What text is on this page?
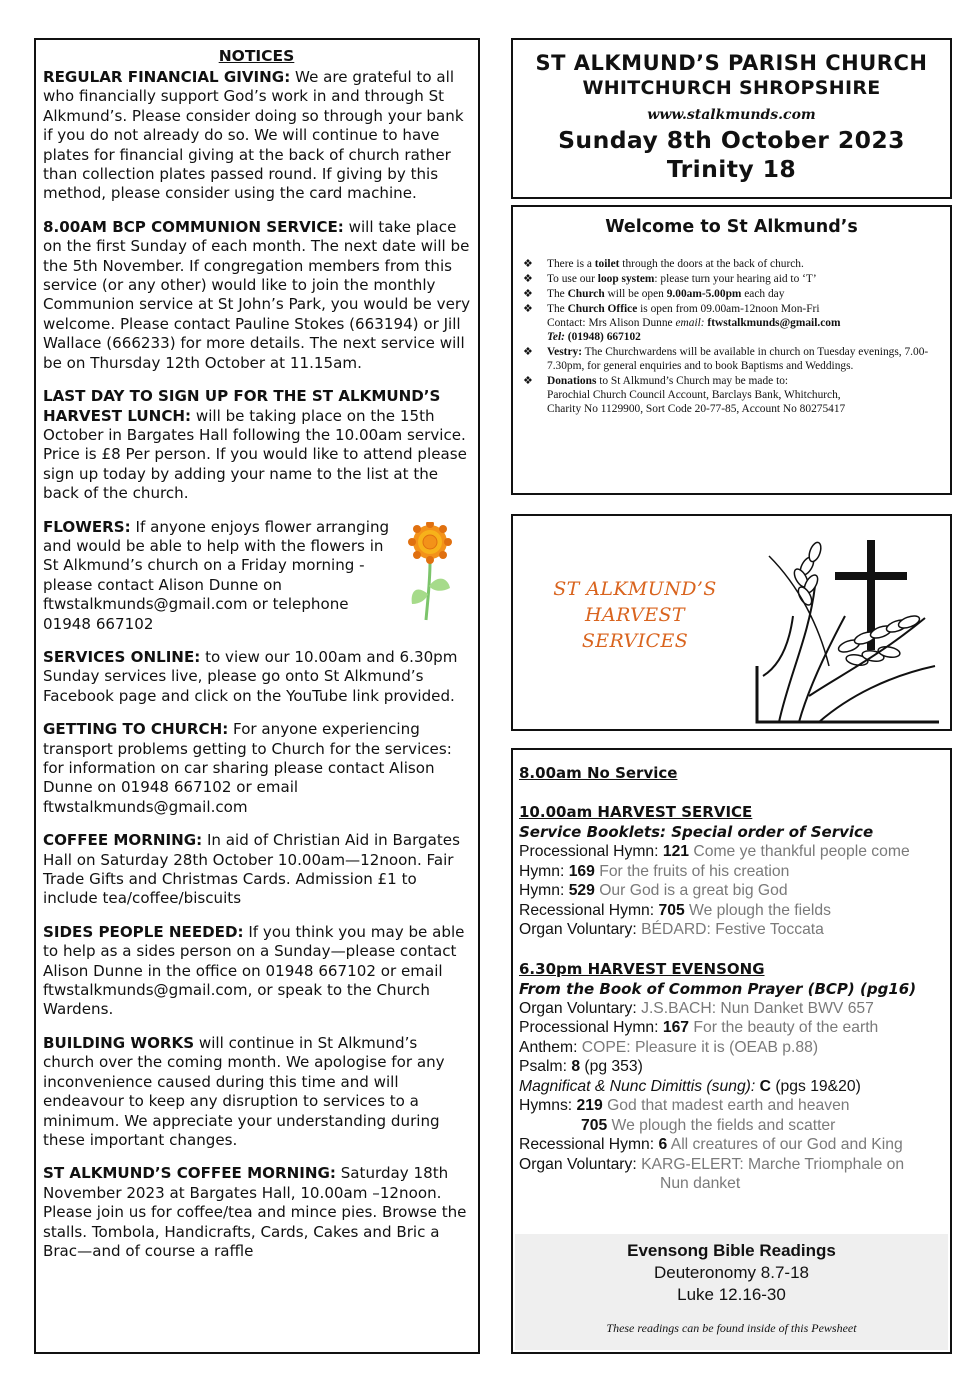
NOTICES

REGULAR FINANCIAL GIVING: We are grateful to all who financially support God’s work in and through St Alkmund’s. Please consider doing so through your bank if you do not already do so. We will continue to have plates for financial giving at the back of church rather than collection plates passed round. If giving by this method, please consider using the card machine.

8.00AM BCP COMMUNION SERVICE: will take place on the first Sunday of each month. The next date will be the 5th November. If congregation members from this service (or any other) would like to join the monthly Communion service at St John’s Park, you would be very welcome. Please contact Pauline Stokes (663194) or Jill Wallace (666233) for more details. The next service will be on Thursday 12th October at 11.15am.

LAST DAY TO SIGN UP FOR THE ST ALKMUND’S HARVEST LUNCH: will be taking place on the 15th October in Bargates Hall following the 10.00am service. Price is £8 Per person. If you would like to attend please sign up today by adding your name to the list at the back of the church.

FLOWERS: If anyone enjoys flower arranging and would be able to help with the flowers in St Alkmund’s church on a Friday morning - please contact Alison Dunne on ftwstalkmunds@gmail.com or telephone 01948 667102

SERVICES ONLINE: to view our 10.00am and 6.30pm Sunday services live, please go onto St Alkmund’s Facebook page and click on the YouTube link provided.

GETTING TO CHURCH: For anyone experiencing transport problems getting to Church for the services: for information on car sharing please contact Alison Dunne on 01948 667102 or email ftwstalkmunds@gmail.com

COFFEE MORNING: In aid of Christian Aid in Bargates Hall on Saturday 28th October 10.00am—12noon. Fair Trade Gifts and Christmas Cards. Admission £1 to include tea/coffee/biscuits

SIDES PEOPLE NEEDED: If you think you may be able to help as a sides person on a Sunday—please contact Alison Dunne in the office on 01948 667102 or email ftwstalkmunds@gmail.com, or speak to the Church Wardens.

BUILDING WORKS will continue in St Alkmund’s church over the coming month. We apologise for any inconvenience caused during this time and will endeavour to keep any disruption to services to a minimum. We appreciate your understanding during these important changes.

ST ALKMUND’S COFFEE MORNING: Saturday 18th November 2023 at Bargates Hall, 10.00am –12noon. Please join us for coffee/tea and mince pies. Browse the stalls. Tombola, Handicrafts, Cards, Cakes and Bric a Brac—and of course a raffle

ST ALKMUND’S PARISH CHURCH
WHITCHURCH SHROPSHIRE
www.stalkmunds.com
Sunday 8th October 2023
Trinity 18
Welcome to St Alkmund’s
❖ There is a toilet through the doors at the back of church.
❖ To use our loop system: please turn your hearing aid to ‘T’
❖ The Church will be open 9.00am-5.00pm each day
❖ The Church Office is open from 09.00am-12noon Mon-Fri
Contact: Mrs Alison Dunne email: ftwstalkmunds@gmail.com
Tel: (01948) 667102
❖ Vestry: The Churchwardens will be available in church on Tuesday evenings, 7.00-7.30pm, for general enquiries and to book Baptisms and Weddings.
❖ Donations to St Alkmund’s Church may be made to:
Parochial Church Council Account, Barclays Bank, Whitchurch,
Charity No 1129900, Sort Code 20-77-85, Account No 80275417
ST ALKMUND’S
HARVEST SERVICES
8.00am No Service
10.00am HARVEST SERVICE
Service Booklets: Special order of Service
Processional Hymn: 121 Come ye thankful people come
Hymn: 169 For the fruits of his creation
Hymn: 529 Our God is a great big God
Recessional Hymn: 705 We plough the fields
Organ Voluntary: BÉDARD: Festive Toccata
6.30pm HARVEST EVENSONG
From the Book of Common Prayer (BCP) (pg16)
Organ Voluntary: J.S.BACH: Nun Danket BWV 657
Processional Hymn: 167 For the beauty of the earth
Anthem: COPE: Pleasure it is (OEAB p.88)
Psalm: 8 (pg 353)
Magnificat & Nunc Dimittis (sung): C (pgs 19&20)
Hymns: 219 God that madest earth and heaven
705 We plough the fields and scatter
Recessional Hymn: 6 All creatures of our God and King
Organ Voluntary: KARG-ELERT: Marche Triomphale on
Nun danket
Evensong Bible Readings
Deuteronomy 8.7-18
Luke 12.16-30
These readings can be found inside of this Pewsheet
